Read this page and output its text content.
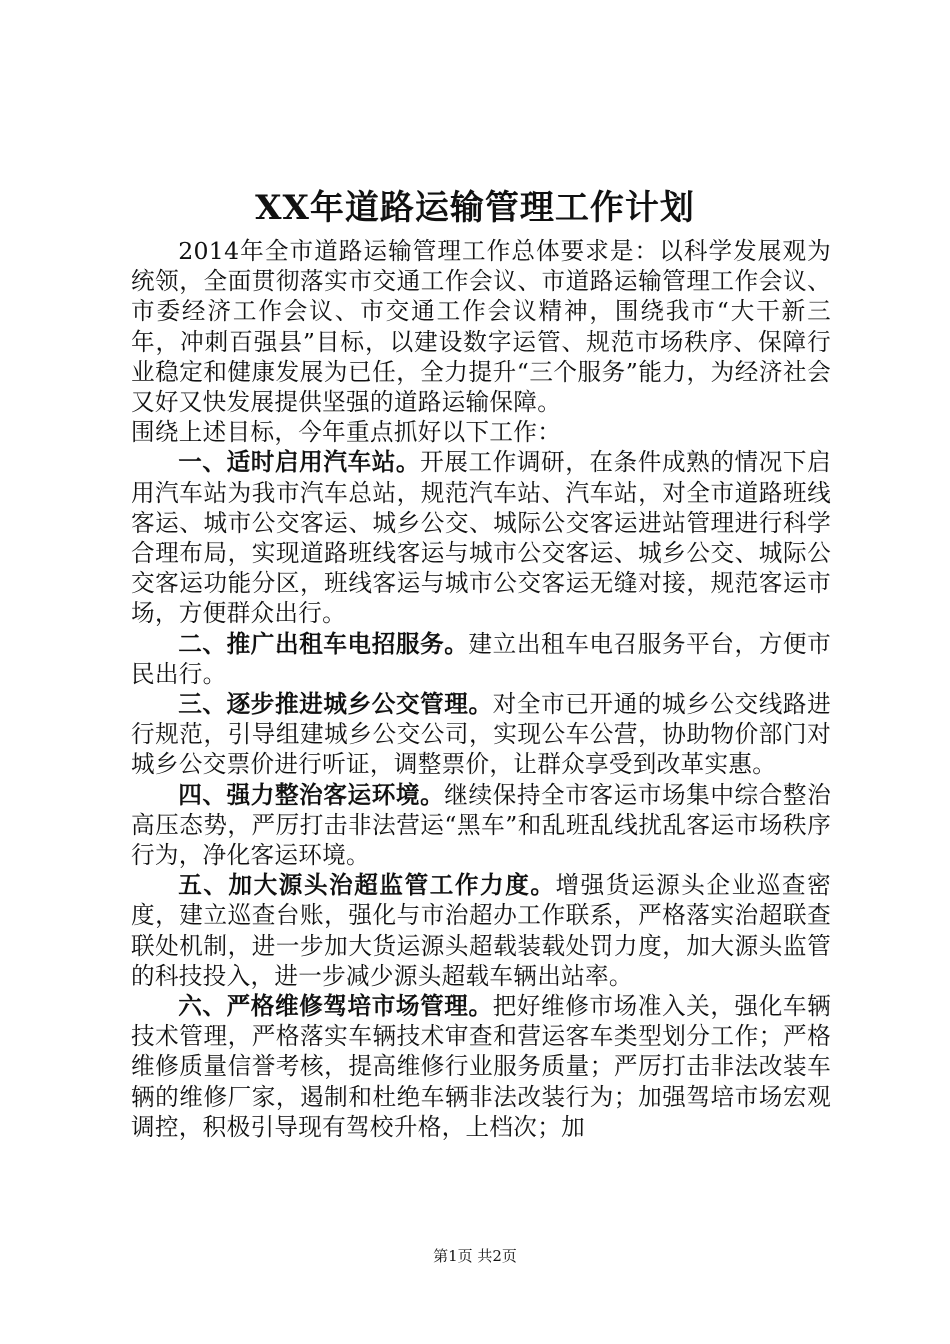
XX年道路运输管理工作计划

2014年全市道路运输管理工作总体要求是：以科学发展观为统领，全面贯彻落实市交通工作会议、市道路运输管理工作会议、市委经济工作会议、市交通工作会议精神，围绕我市“大干新三年，冲刺百强县”目标，以建设数字运管、规范市场秩序、保障行业稳定和健康发展为已任，全力提升“三个服务”能力，为经济社会又好又快发展提供坚强的道路运输保障。

围绕上述目标，今年重点抓好以下工作：

一、适时启用汽车站。开展工作调研，在条件成熟的情况下启用汽车站为我市汽车总站，规范汽车站、汽车站，对全市道路班线客运、城市公交客运、城乡公交、城际公交客运进站管理进行科学合理布局，实现道路班线客运与城市公交客运、城乡公交、城际公交客运功能分区，班线客运与城市公交客运无缝对接，规范客运市场，方便群众出行。

二、推广出租车电招服务。建立出租车电召服务平台，方便市民出行。

三、逐步推进城乡公交管理。对全市已开通的城乡公交线路进行规范，引导组建城乡公交公司，实现公车公营，协助物价部门对城乡公交票价进行听证，调整票价，让群众享受到改革实惠。

四、强力整治客运环境。继续保持全市客运市场集中综合整治高压态势，严厉打击非法营运“黑车”和乱班乱线扰乱客运市场秩序行为，净化客运环境。

五、加大源头治超监管工作力度。增强货运源头企业巡查密度，建立巡查台账，强化与市治超办工作联系，严格落实治超联查联处机制，进一步加大货运源头超载装载处罚力度，加大源头监管的科技投入，进一步减少源头超载车辆出站率。

六、严格维修驾培市场管理。把好维修市场准入关，强化车辆技术管理，严格落实车辆技术审查和营运客车类型划分工作；严格维修质量信誉考核，提高维修行业服务质量；严厉打击非法改装车辆的维修厂家，遏制和杜绝车辆非法改装行为；加强驾培市场宏观调控，积极引导现有驾校升格，上档次；加

第1页 共2页
